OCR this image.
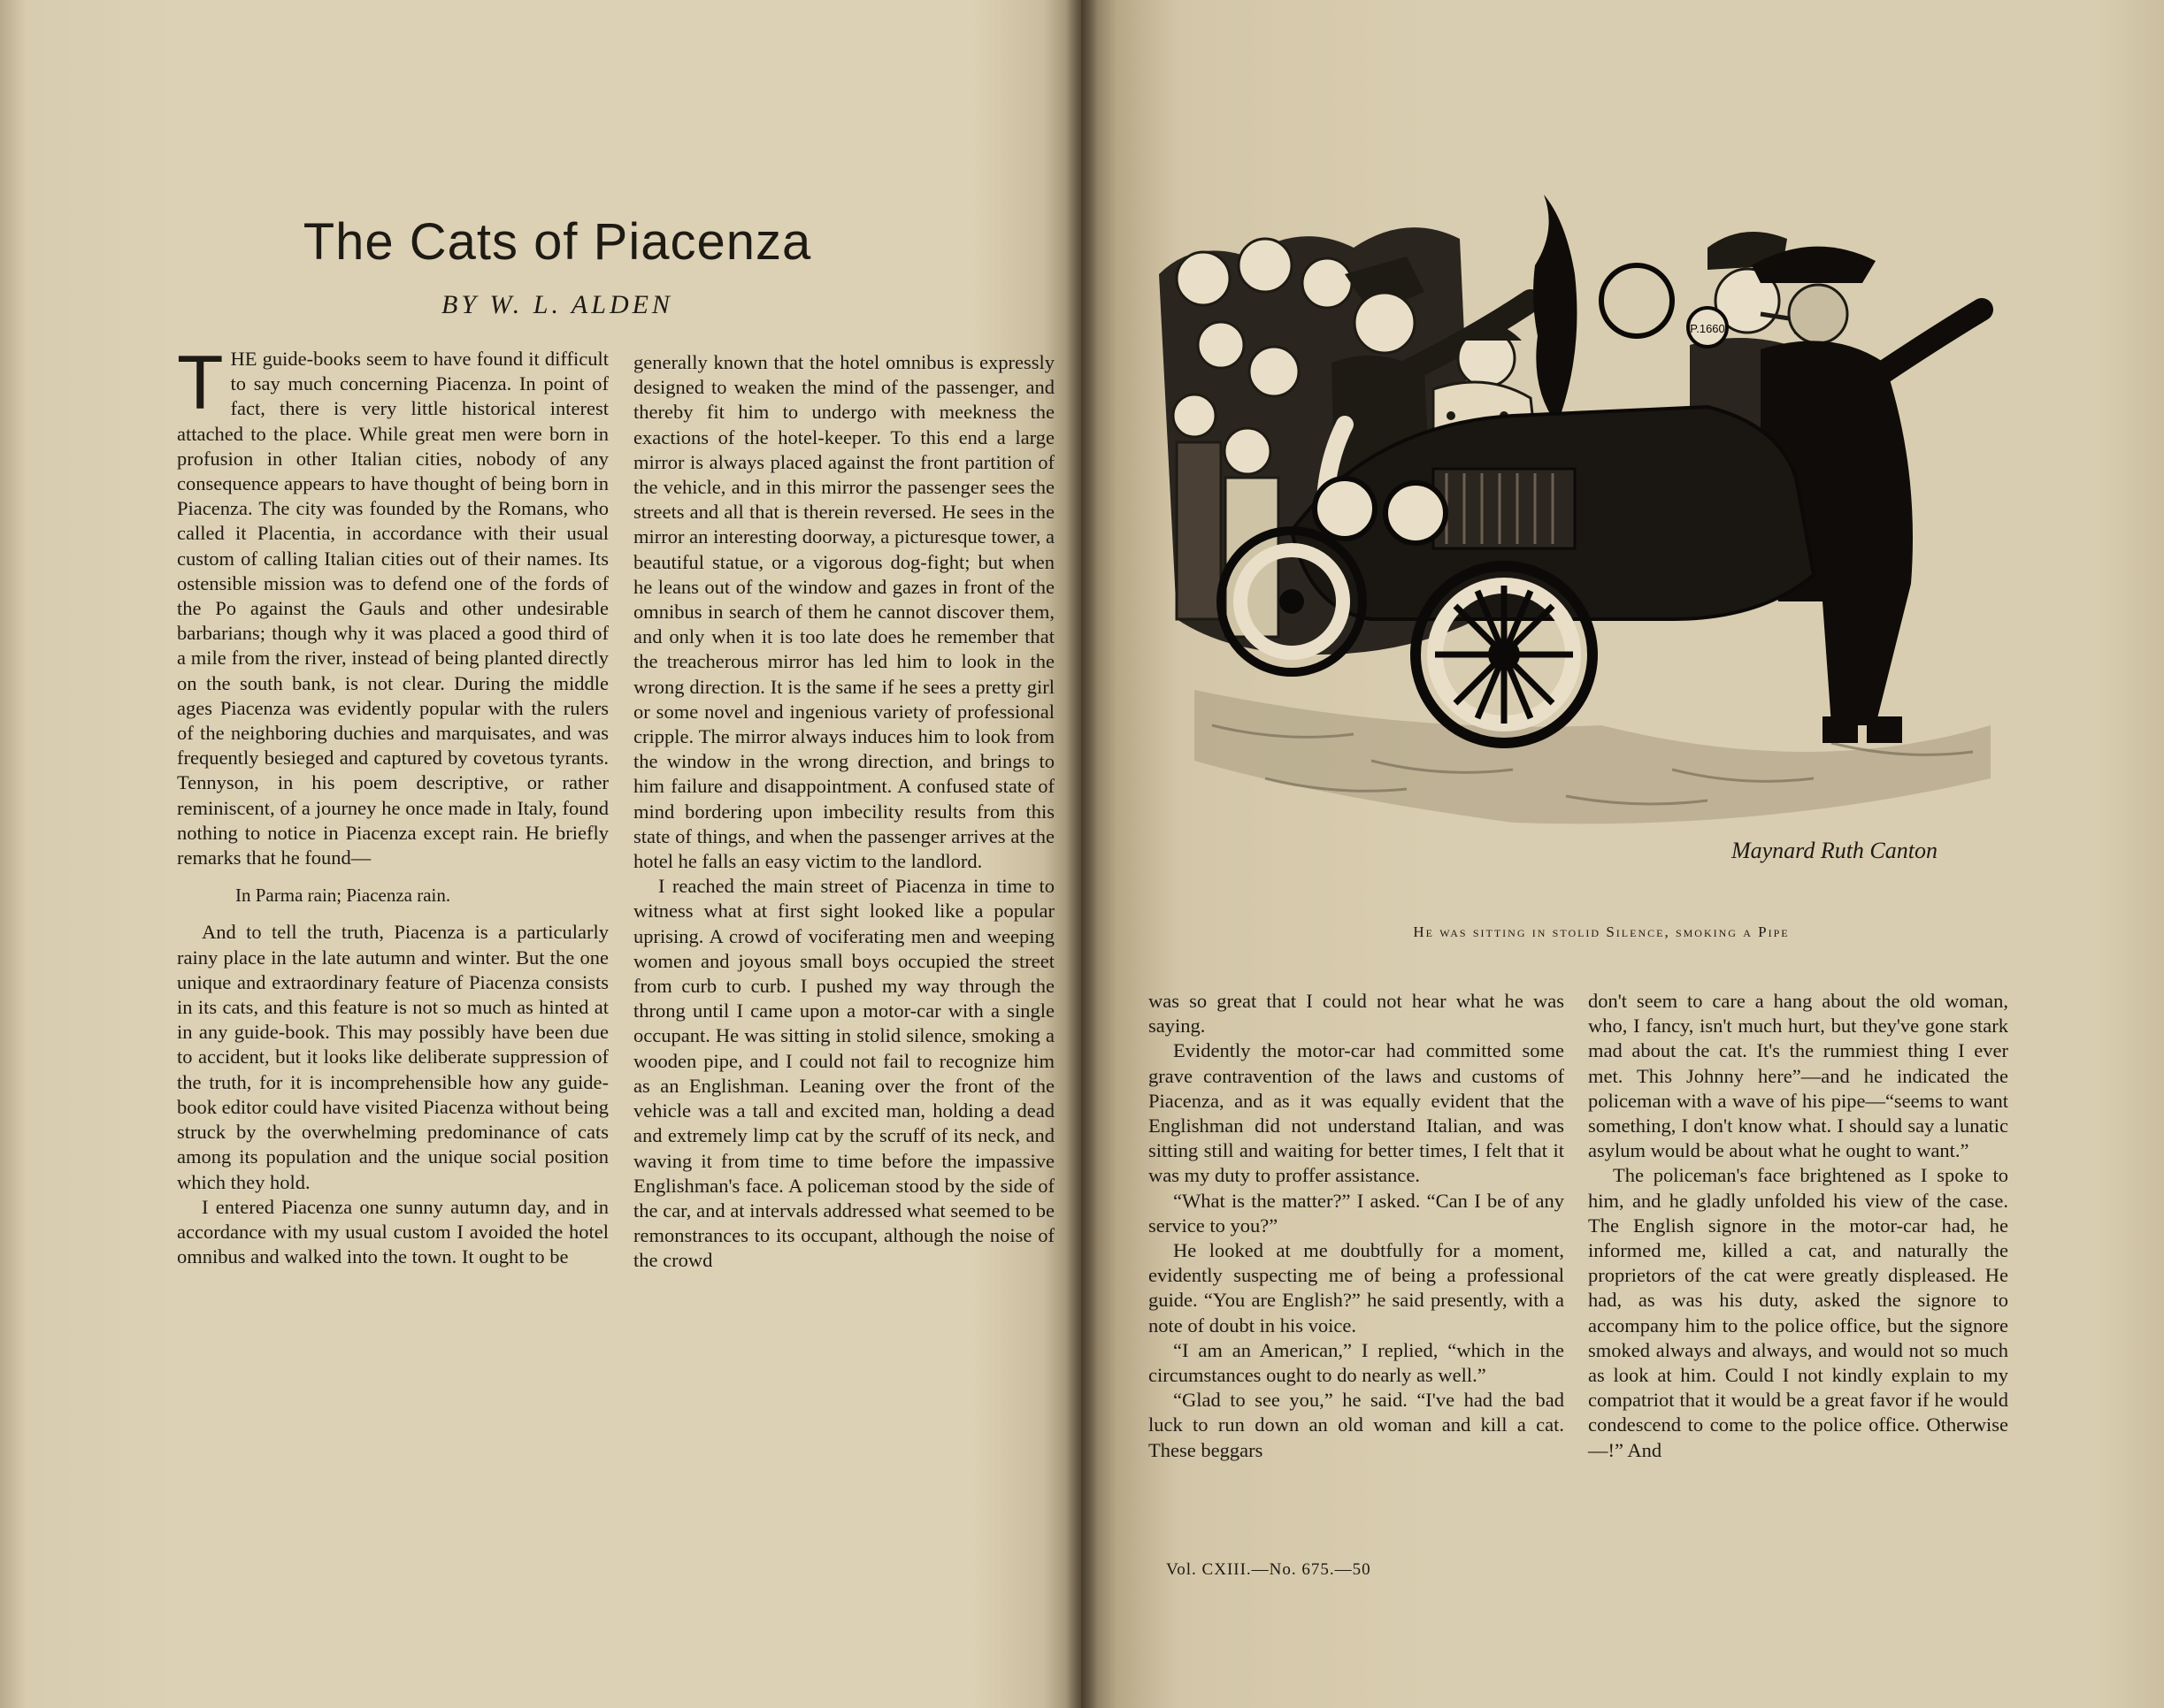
The Cats of Piacenza
BY W. L. ALDEN

THE guide-books seem to have found it difficult to say much concerning Piacenza. In point of fact, there is very little historical interest attached to the place. While great men were born in profusion in other Italian cities, nobody of any consequence appears to have thought of being born in Piacenza. The city was founded by the Romans, who called it Placentia, in accordance with their usual custom of calling Italian cities out of their names. Its ostensible mission was to defend one of the fords of the Po against the Gauls and other undesirable barbarians; though why it was placed a good third of a mile from the river, instead of being planted directly on the south bank, is not clear. During the middle ages Piacenza was evidently popular with the rulers of the neighboring duchies and marquisates, and was frequently besieged and captured by covetous tyrants. Tennyson, in his poem descriptive, or rather reminiscent, of a journey he once made in Italy, found nothing to notice in Piacenza except rain. He briefly remarks that he found—

In Parma rain; Piacenza rain.

And to tell the truth, Piacenza is a particularly rainy place in the late autumn and winter. But the one unique and extraordinary feature of Piacenza consists in its cats, and this feature is not so much as hinted at in any guide-book. This may possibly have been due to accident, but it looks like deliberate suppression of the truth, for it is incomprehensible how any guide-book editor could have visited Piacenza without being struck by the overwhelming predominance of cats among its population and the unique social position which they hold.

I entered Piacenza one sunny autumn day, and in accordance with my usual custom I avoided the hotel omnibus and walked into the town. It ought to be

generally known that the hotel omnibus is expressly designed to weaken the mind of the passenger, and thereby fit him to undergo with meekness the exactions of the hotel-keeper. To this end a large mirror is always placed against the front partition of the vehicle, and in this mirror the passenger sees the streets and all that is therein reversed. He sees in the mirror an interesting doorway, a picturesque tower, a beautiful statue, or a vigorous dog-fight; but when he leans out of the window and gazes in front of the omnibus in search of them he cannot discover them, and only when it is too late does he remember that the treacherous mirror has led him to look in the wrong direction. It is the same if he sees a pretty girl or some novel and ingenious variety of professional cripple. The mirror always induces him to look from the window in the wrong direction, and brings to him failure and disappointment. A confused state of mind bordering upon imbecility results from this state of things, and when the passenger arrives at the hotel he falls an easy victim to the landlord.

I reached the main street of Piacenza in time to witness what at first sight looked like a popular uprising. A crowd of vociferating men and weeping women and joyous small boys occupied the street from curb to curb. I pushed my way through the throng until I came upon a motor-car with a single occupant. He was sitting in stolid silence, smoking a wooden pipe, and I could not fail to recognize him as an Englishman. Leaning over the front of the vehicle was a tall and excited man, holding a dead and extremely limp cat by the scruff of its neck, and waving it from time to time before the impassive Englishman's face. A policeman stood by the side of the car, and at intervals addressed what seemed to be remonstrances to its occupant, although the noise of the crowd

P.1660
Maynard Ruth Canton
He was sitting in stolid Silence, smoking a Pipe

was so great that I could not hear what he was saying.

Evidently the motor-car had committed some grave contravention of the laws and customs of Piacenza, and as it was equally evident that the Englishman did not understand Italian, and was sitting still and waiting for better times, I felt that it was my duty to proffer assistance.

“What is the matter?” I asked. “Can I be of any service to you?”

He looked at me doubtfully for a moment, evidently suspecting me of being a professional guide. “You are English?” he said presently, with a note of doubt in his voice.

“I am an American,” I replied, “which in the circumstances ought to do nearly as well.”

“Glad to see you,” he said. “I've had the bad luck to run down an old woman and kill a cat. These beggars

don't seem to care a hang about the old woman, who, I fancy, isn't much hurt, but they've gone stark mad about the cat. It's the rummiest thing I ever met. This Johnny here”—and he indicated the policeman with a wave of his pipe—“seems to want something, I don't know what. I should say a lunatic asylum would be about what he ought to want.”

The policeman's face brightened as I spoke to him, and he gladly unfolded his view of the case. The English signore in the motor-car had, he informed me, killed a cat, and naturally the proprietors of the cat were greatly displeased. He had, as was his duty, asked the signore to accompany him to the police office, but the signore smoked always and always, and would not so much as look at him. Could I not kindly explain to my compatriot that it would be a great favor if he would condescend to come to the police office. Otherwise—!” And

Vol. CXIII.—No. 675.—50
